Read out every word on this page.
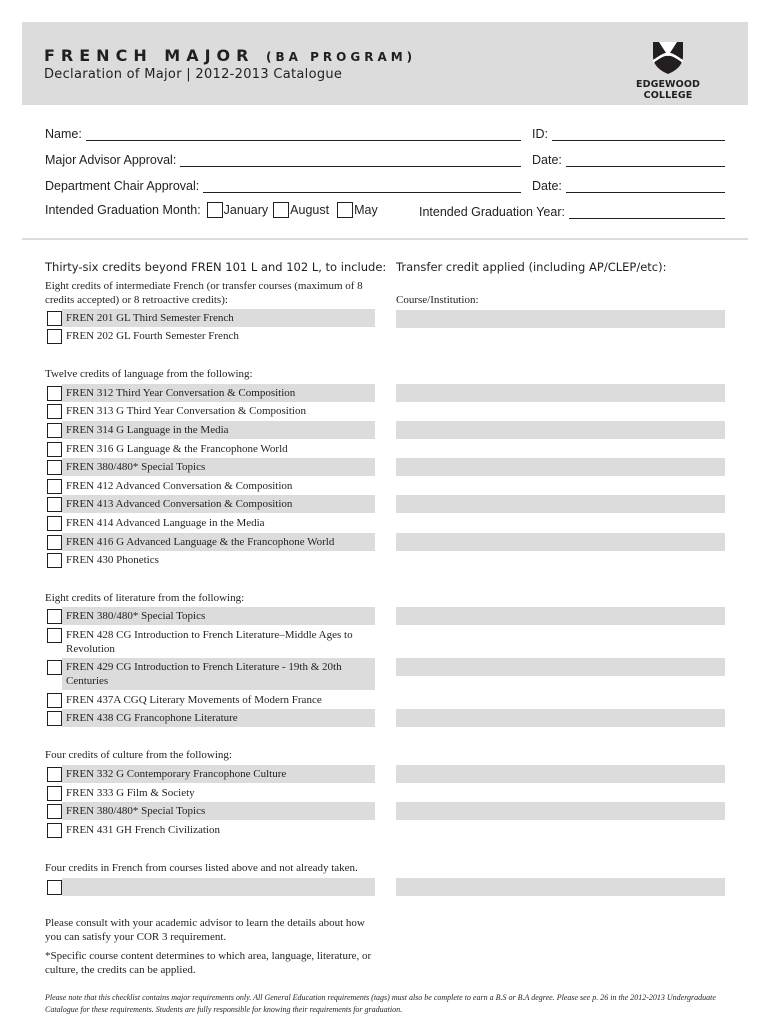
FRENCH MAJOR (BA PROGRAM)
Declaration of Major | 2012-2013 Catalogue
EDGEWOOD COLLEGE
Name:	ID:
Major Advisor Approval:	Date:
Department Chair Approval:	Date:
Intended Graduation Month: January August May	Intended Graduation Year:
Thirty-six credits beyond FREN 101 L and 102 L, to include: Transfer credit applied (including AP/CLEP/etc):
Course/Institution:
Eight credits of intermediate French (or transfer courses (maximum of 8 credits accepted) or 8 retroactive credits):
FREN 201 GL Third Semester French
FREN 202 GL Fourth Semester French
Twelve credits of language from the following:
FREN 312 Third Year Conversation & Composition
FREN 313 G Third Year Conversation & Composition
FREN 314 G Language in the Media
FREN 316 G Language & the Francophone World
FREN 380/480* Special Topics
FREN 412 Advanced Conversation & Composition
FREN 413 Advanced Conversation & Composition
FREN 414 Advanced Language in the Media
FREN 416 G Advanced Language & the Francophone World
FREN 430 Phonetics
Eight credits of literature from the following:
FREN 380/480* Special Topics
FREN 428 CG Introduction to French Literature–Middle Ages to Revolution
FREN 429 CG Introduction to French Literature - 19th & 20th Centuries
FREN 437A CGQ Literary Movements of Modern France
FREN 438 CG Francophone Literature
Four credits of culture from the following:
FREN 332 G Contemporary Francophone Culture
FREN 333 G Film & Society
FREN 380/480* Special Topics
FREN 431 GH French Civilization
Four credits in French from courses listed above and not already taken.
Please consult with your academic advisor to learn the details about how you can satisfy your COR 3 requirement.
*Specific course content determines to which area, language, literature, or culture, the credits can be applied.
Please note that this checklist contains major requirements only. All General Education requirements (tags) must also be complete to earn a B.S or B.A degree. Please see p. 26 in the 2012-2013 Undergraduate Catalogue for these requirements. Students are fully responsible for knowing their requirements for graduation.
